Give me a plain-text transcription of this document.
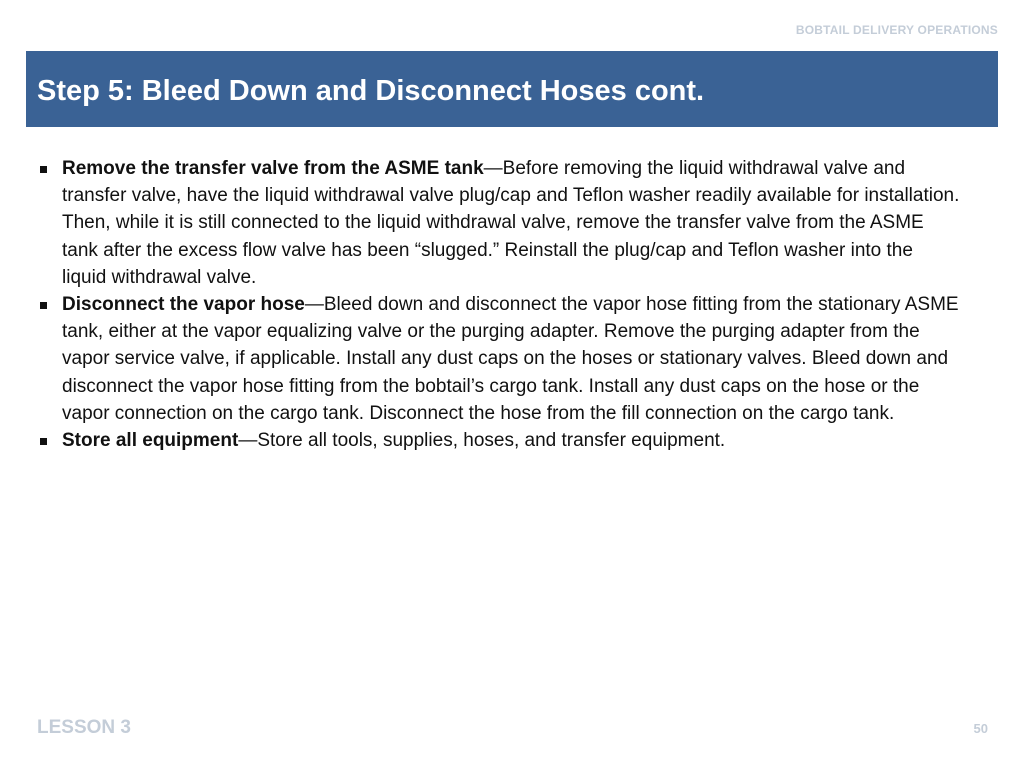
BOBTAIL DELIVERY OPERATIONS
Step 5: Bleed Down and Disconnect Hoses cont.
Remove the transfer valve from the ASME tank—Before removing the liquid withdrawal valve and transfer valve, have the liquid withdrawal valve plug/cap and Teflon washer readily available for installation. Then, while it is still connected to the liquid withdrawal valve, remove the transfer valve from the ASME tank after the excess flow valve has been “slugged.” Reinstall the plug/cap and Teflon washer into the liquid withdrawal valve.
Disconnect the vapor hose—Bleed down and disconnect the vapor hose fitting from the stationary ASME tank, either at the vapor equalizing valve or the purging adapter. Remove the purging adapter from the vapor service valve, if applicable. Install any dust caps on the hoses or stationary valves. Bleed down and disconnect the vapor hose fitting from the bobtail’s cargo tank. Install any dust caps on the hose or the vapor connection on the cargo tank. Disconnect the hose from the fill connection on the cargo tank.
Store all equipment—Store all tools, supplies, hoses, and transfer equipment.
LESSON 3	50
